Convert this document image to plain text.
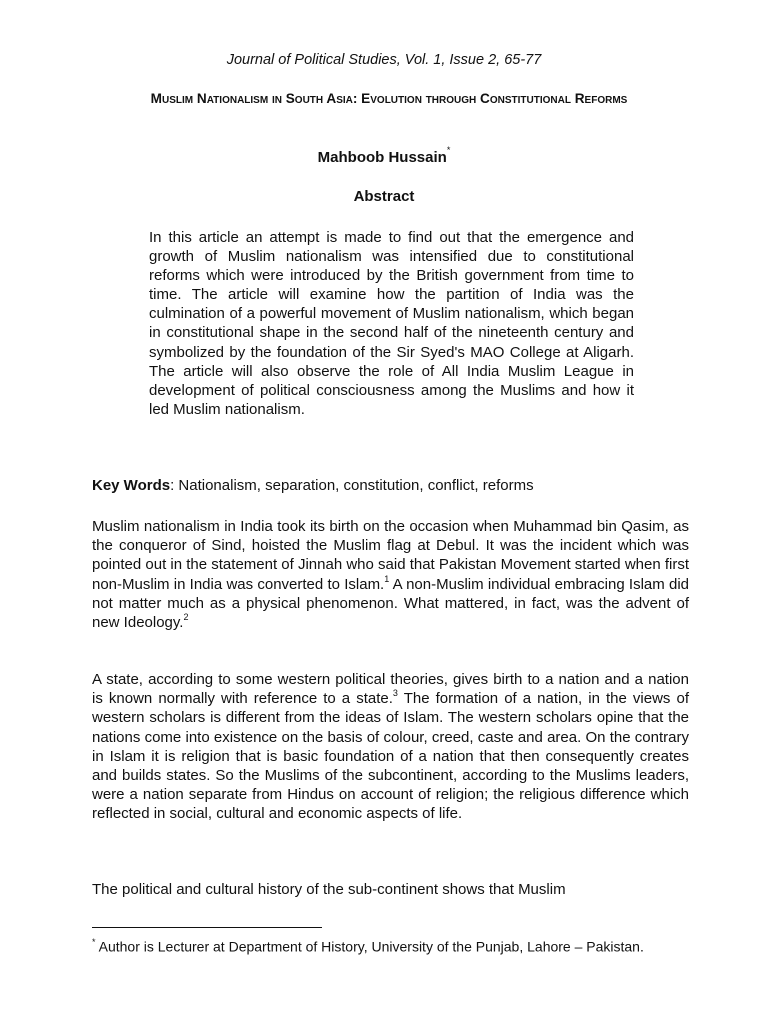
Journal of Political Studies, Vol. 1, Issue 2, 65-77
Muslim Nationalism in South Asia: Evolution through Constitutional Reforms
Mahboob Hussain*
Abstract

In this article an attempt is made to find out that the emergence and growth of Muslim nationalism was intensified due to constitutional reforms which were introduced by the British government from time to time. The article will examine how the partition of India was the culmination of a powerful movement of Muslim nationalism, which began in constitutional shape in the second half of the nineteenth century and symbolized by the foundation of the Sir Syed's MAO College at Aligarh. The article will also observe the role of All India Muslim League in development of political consciousness among the Muslims and how it led Muslim nationalism.

Key Words: Nationalism, separation, constitution, conflict, reforms

Muslim nationalism in India took its birth on the occasion when Muhammad bin Qasim, as the conqueror of Sind, hoisted the Muslim flag at Debul. It was the incident which was pointed out in the statement of Jinnah who said that Pakistan Movement started when first non-Muslim in India was converted to Islam.$^1$ A non-Muslim individual embracing Islam did not matter much as a physical phenomenon. What mattered, in fact, was the advent of new Ideology.$^2$

A state, according to some western political theories, gives birth to a nation and a nation is known normally with reference to a state.$^3$ The formation of a nation, in the views of western scholars is different from the ideas of Islam. The western scholars opine that the nations come into existence on the basis of colour, creed, caste and area. On the contrary in Islam it is religion that is basic foundation of a nation that then consequently creates and builds states. So the Muslims of the subcontinent, according to the Muslims leaders, were a nation separate from Hindus on account of religion; the religious difference which reflected in social, cultural and economic aspects of life.

The political and cultural history of the sub-continent shows that Muslim

* Author is Lecturer at Department of History, University of the Punjab, Lahore – Pakistan.
